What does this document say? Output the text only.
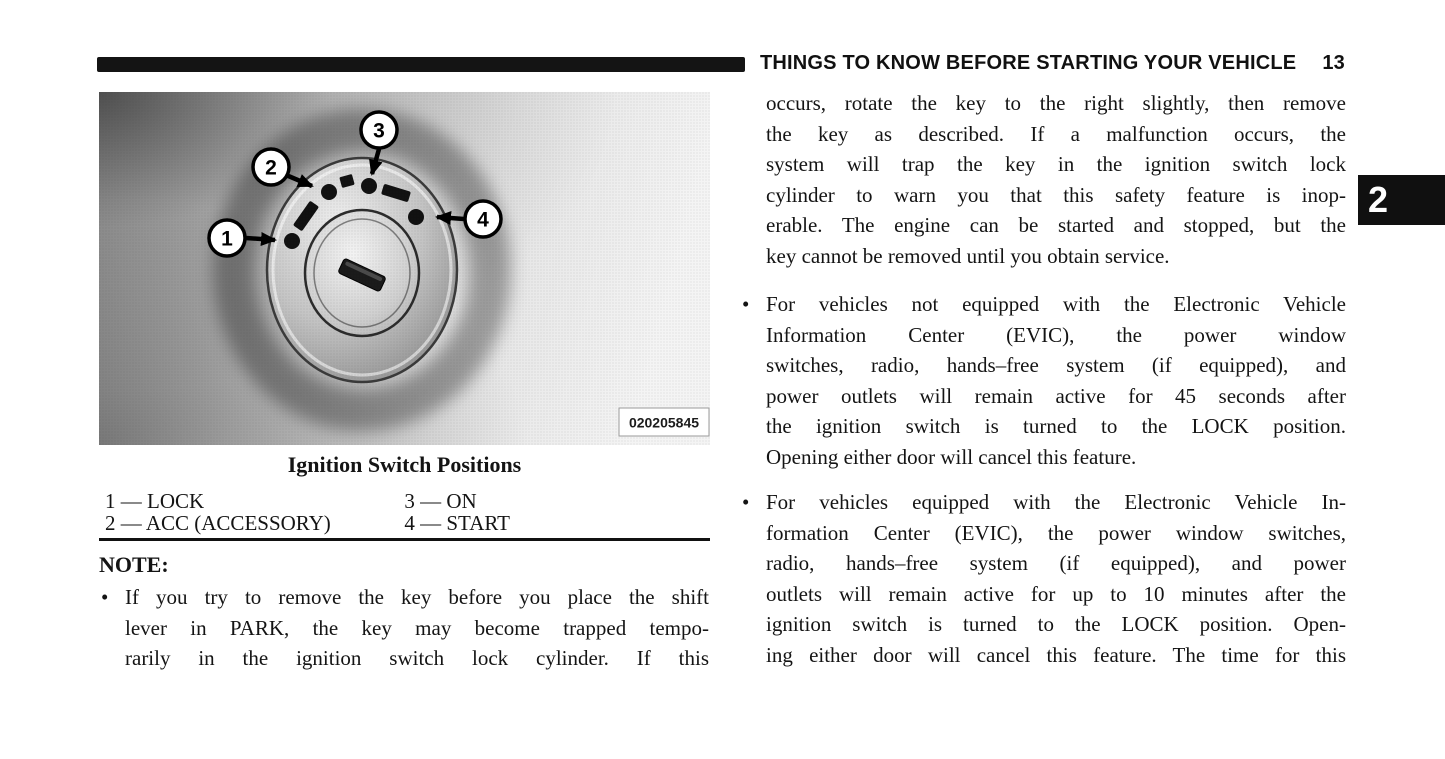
THINGS TO KNOW BEFORE STARTING YOUR VEHICLE 13
2
1
2
3
4
020205845
Ignition Switch Positions
1 — LOCK
2 — ACC (ACCESSORY)
3 — ON
4 — START
NOTE:
• If you try to remove the key before you place the shift
lever in PARK, the key may become trapped tempo-
rarily in the ignition switch lock cylinder. If this
occurs, rotate the key to the right slightly, then remove
the key as described. If a malfunction occurs, the
system will trap the key in the ignition switch lock
cylinder to warn you that this safety feature is inop-
erable. The engine can be started and stopped, but the
key cannot be removed until you obtain service.
• For vehicles not equipped with the Electronic Vehicle
Information Center (EVIC), the power window
switches, radio, hands–free system (if equipped), and
power outlets will remain active for 45 seconds after
the ignition switch is turned to the LOCK position.
Opening either door will cancel this feature.
• For vehicles equipped with the Electronic Vehicle In-
formation Center (EVIC), the power window switches,
radio, hands–free system (if equipped), and power
outlets will remain active for up to 10 minutes after the
ignition switch is turned to the LOCK position. Open-
ing either door will cancel this feature. The time for this
